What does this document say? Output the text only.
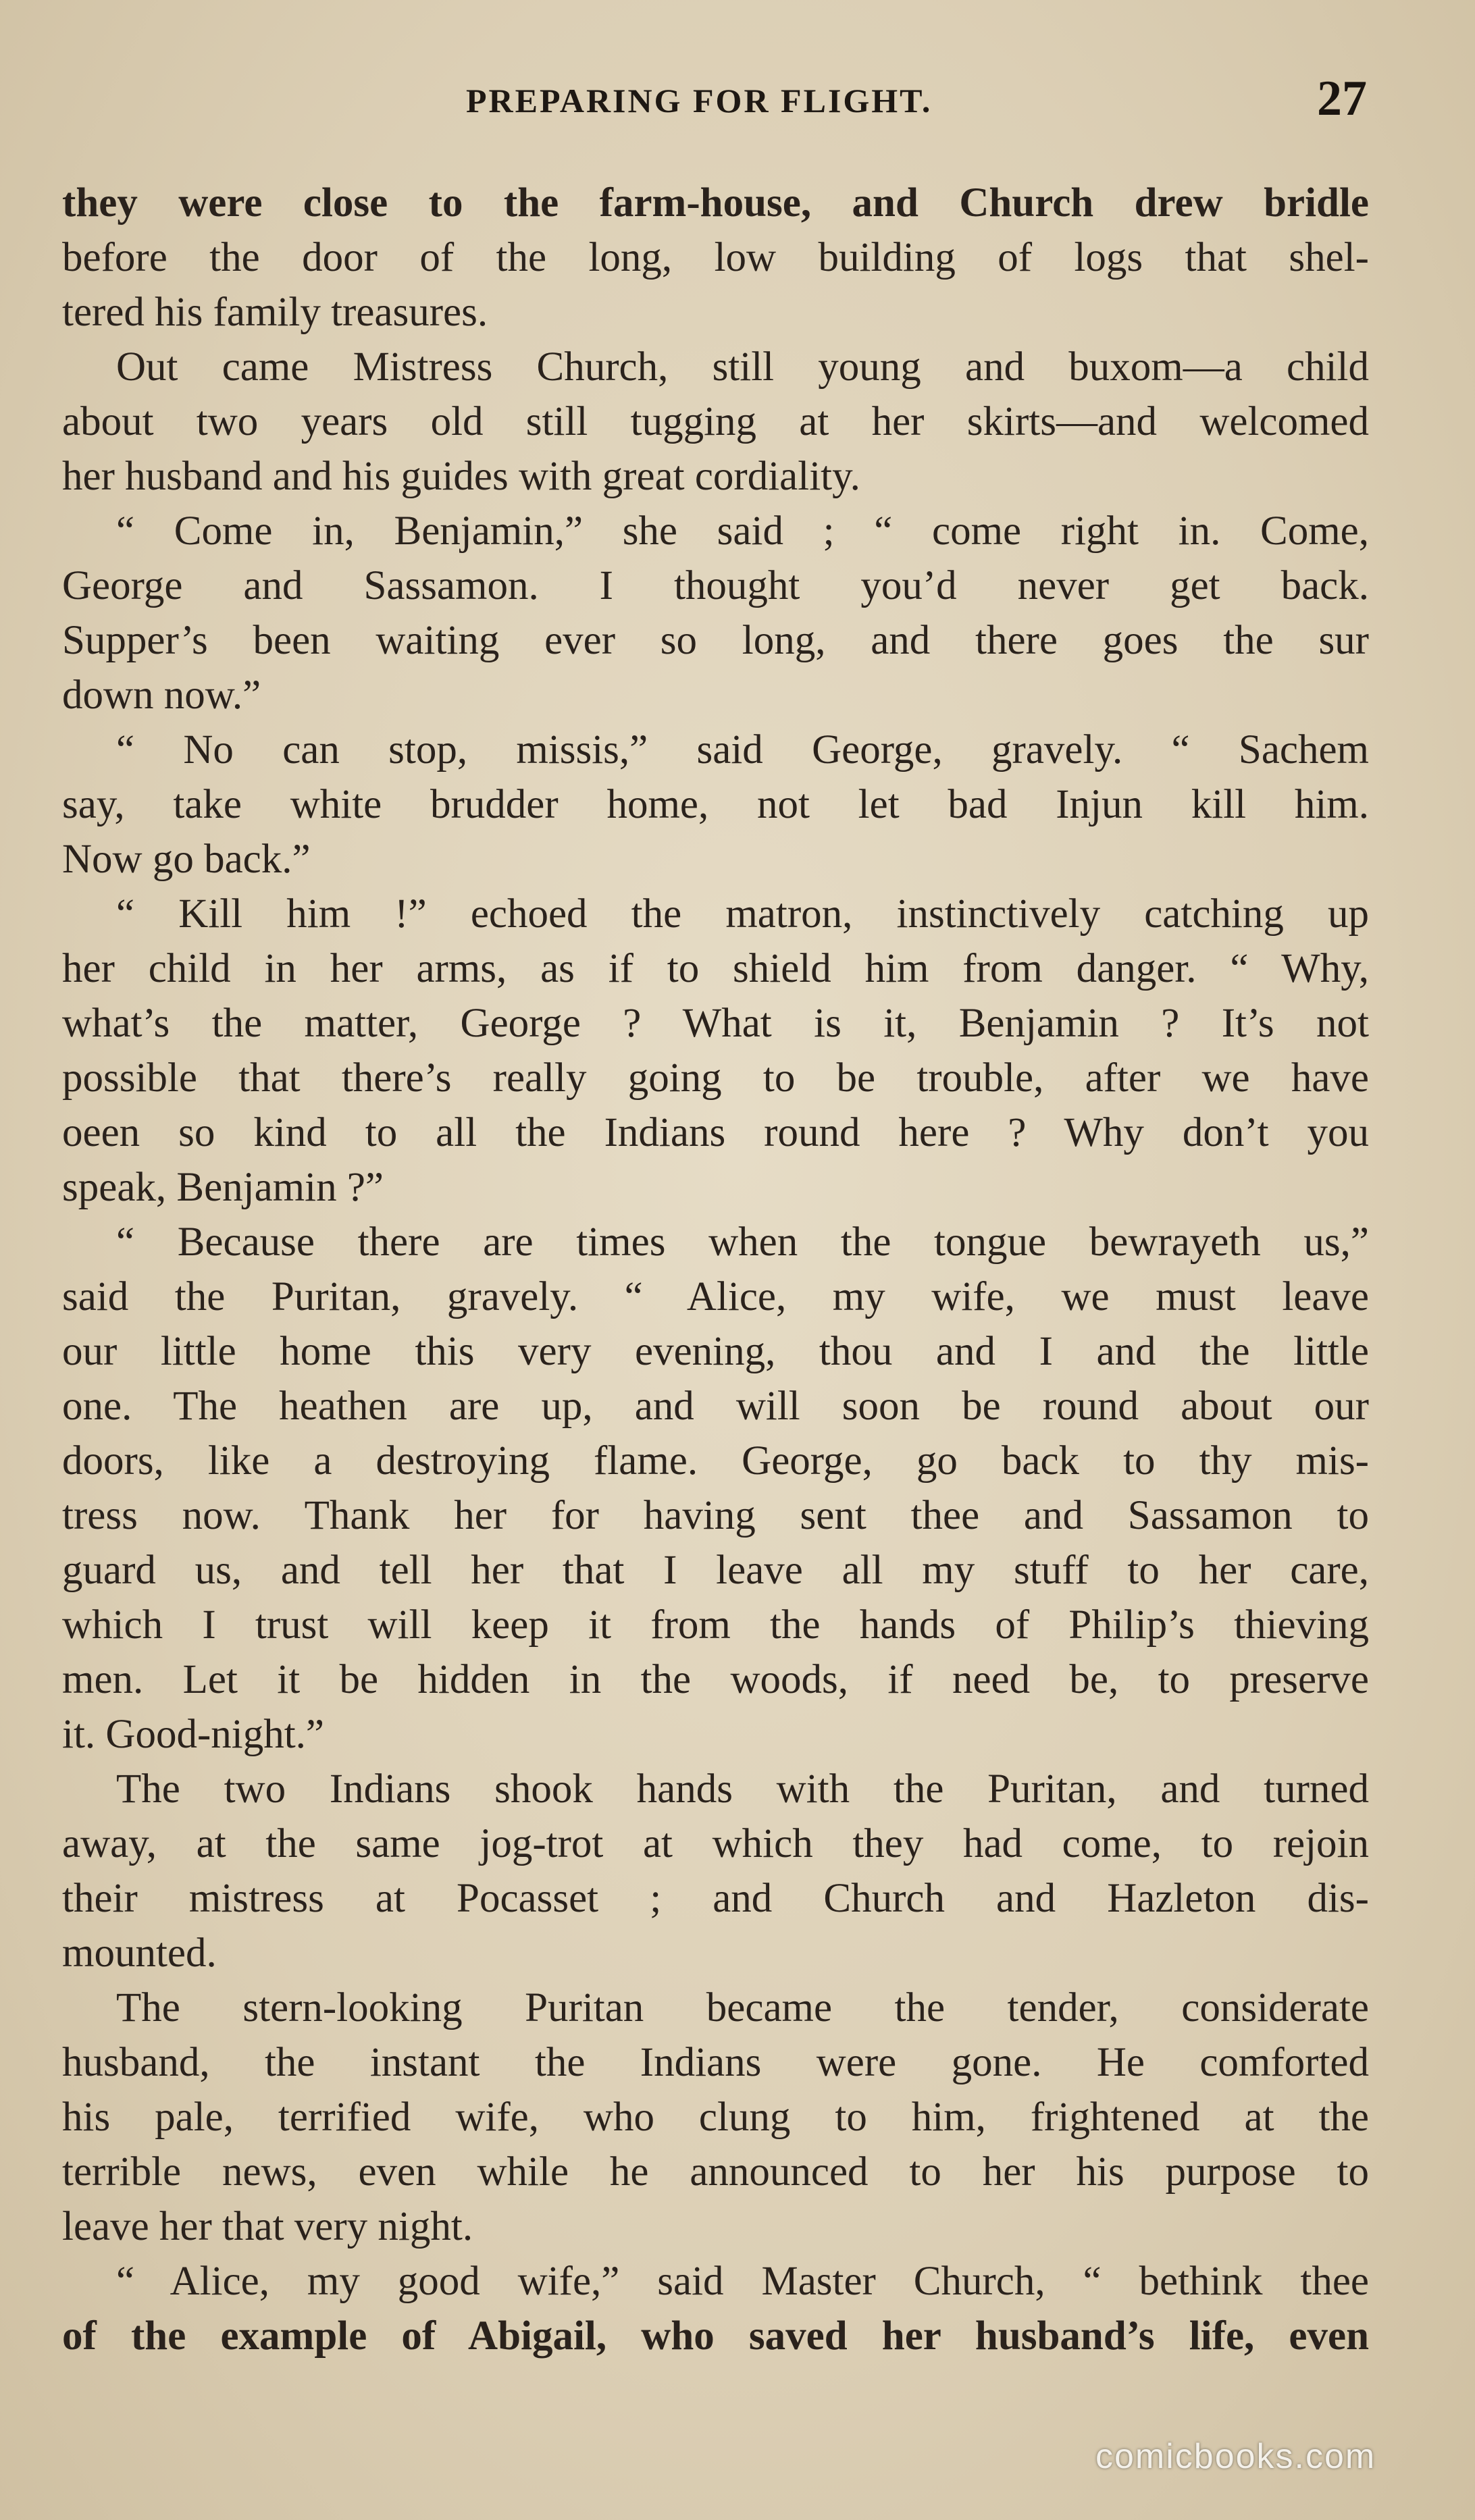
PREPARING FOR FLIGHT.	27
they were close to the farm-house, and Church drew bridle
before the door of the long, low building of logs that shel-
tered his family treasures.
Out came Mistress Church, still young and buxom—a child
about two years old still tugging at her skirts—and welcomed
her husband and his guides with great cordiality.
“ Come in, Benjamin,” she said ; “ come right in. Come,
George and Sassamon. I thought you’d never get back.
Supper’s been waiting ever so long, and there goes the sur
down now.”
“ No can stop, missis,” said George, gravely. “ Sachem
say, take white brudder home, not let bad Injun kill him.
Now go back.”
“ Kill him !” echoed the matron, instinctively catching up
her child in her arms, as if to shield him from danger. “ Why,
what’s the matter, George ? What is it, Benjamin ? It’s not
possible that there’s really going to be trouble, after we have
oeen so kind to all the Indians round here ? Why don’t you
speak, Benjamin ?”
“ Because there are times when the tongue bewrayeth us,”
said the Puritan, gravely. “ Alice, my wife, we must leave
our little home this very evening, thou and I and the little
one. The heathen are up, and will soon be round about our
doors, like a destroying flame. George, go back to thy mis-
tress now. Thank her for having sent thee and Sassamon to
guard us, and tell her that I leave all my stuff to her care,
which I trust will keep it from the hands of Philip’s thieving
men. Let it be hidden in the woods, if need be, to preserve
it. Good-night.”
The two Indians shook hands with the Puritan, and turned
away, at the same jog-trot at which they had come, to rejoin
their mistress at Pocasset ; and Church and Hazleton dis-
mounted.
The stern-looking Puritan became the tender, considerate
husband, the instant the Indians were gone. He comforted
his pale, terrified wife, who clung to him, frightened at the
terrible news, even while he announced to her his purpose to
leave her that very night.
“ Alice, my good wife,” said Master Church, “ bethink thee
of the example of Abigail, who saved her husband’s life, even
comicbooks.com
